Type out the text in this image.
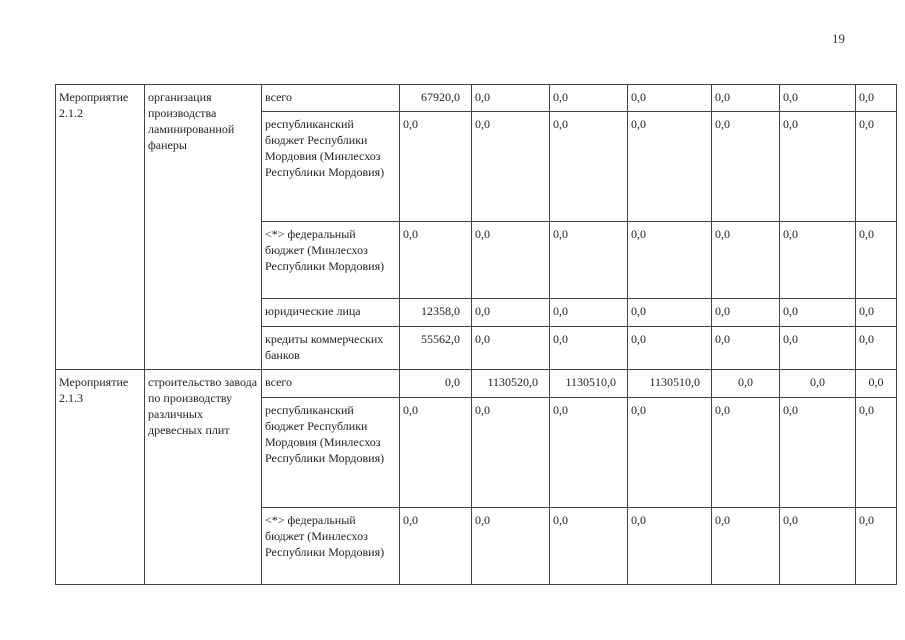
19
Мероприятие 2.1.2	организация производства ламинированной фанеры	всего	67920,0	0,0	0,0	0,0	0,0	0,0	0,0
		республиканский бюджет Республики Мордовия (Минлесхоз Республики Мордовия)	0,0	0,0	0,0	0,0	0,0	0,0	0,0
		<*> федеральный бюджет (Минлесхоз Республики Мордовия)	0,0	0,0	0,0	0,0	0,0	0,0	0,0
		юридические лица	12358,0	0,0	0,0	0,0	0,0	0,0	0,0
		кредиты коммерческих банков	55562,0	0,0	0,0	0,0	0,0	0,0	0,0
Мероприятие 2.1.3	строительство завода по производству различных древесных плит	всего	0,0	1130520,0	1130510,0	1130510,0	0,0	0,0	0,0
		республиканский бюджет Республики Мордовия (Минлесхоз Республики Мордовия)	0,0	0,0	0,0	0,0	0,0	0,0	0,0
		<*> федеральный бюджет (Минлесхоз Республики Мордовия)	0,0	0,0	0,0	0,0	0,0	0,0	0,0
